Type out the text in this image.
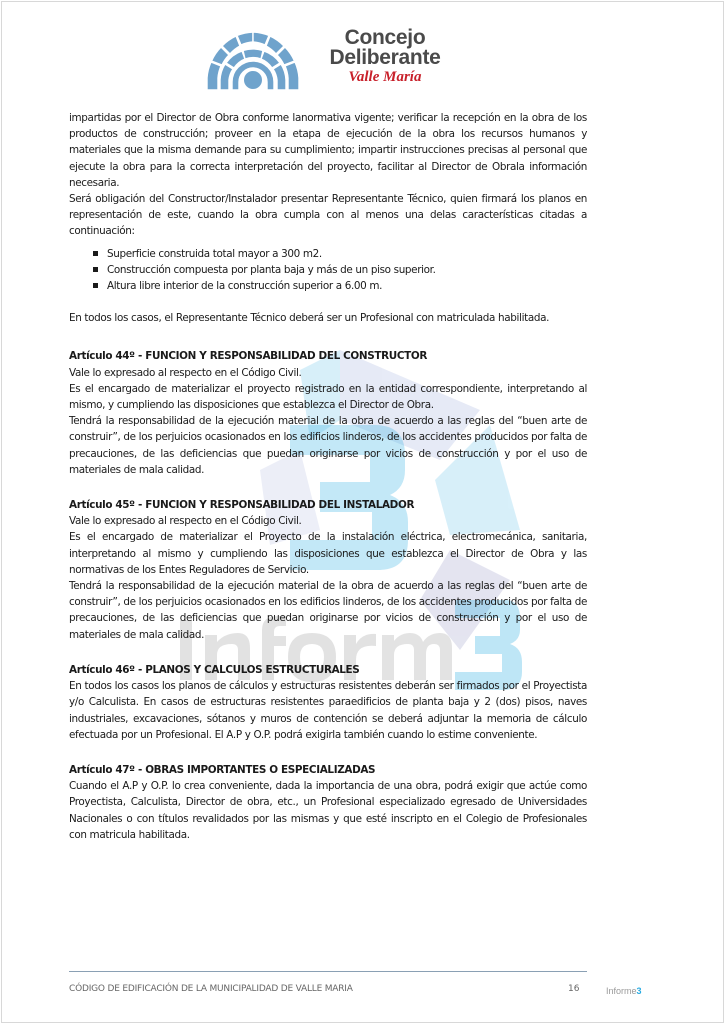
Concejo
Deliberante
Valle María

impartidas por el Director de Obra conforme lanormativa vigente; verificar la recepción en la obra de los productos de construcción; proveer en la etapa de ejecución de la obra los recursos humanos y materiales que la misma demande para su cumplimiento; impartir instrucciones precisas al personal que ejecute la obra para la correcta interpretación del proyecto, facilitar al Director de Obrala información necesaria.

Será obligación del Constructor/Instalador presentar Representante Técnico, quien firmará los planos en representación de este, cuando la obra cumpla con al menos una delas características citadas a continuación:

Superficie construida total mayor a 300 m2.
Construcción compuesta por planta baja y más de un piso superior.
Altura libre interior de la construcción superior a 6.00 m.

En todos los casos, el Representante Técnico deberá ser un Profesional con matriculada habilitada.

Artículo 44º - FUNCION Y RESPONSABILIDAD DEL CONSTRUCTOR

Vale lo expresado al respecto en el Código Civil.

Es el encargado de materializar el proyecto registrado en la entidad correspondiente, interpretando al mismo, y cumpliendo las disposiciones que establezca el Director de Obra.

Tendrá la responsabilidad de la ejecución material de la obra de acuerdo a las reglas del “buen arte de construir”, de los perjuicios ocasionados en los edificios linderos, de los accidentes producidos por falta de precauciones, de las deficiencias que puedan originarse por vicios de construcción y por el uso de materiales de mala calidad.

Artículo 45º - FUNCION Y RESPONSABILIDAD DEL INSTALADOR

Vale lo expresado al respecto en el Código Civil.

Es el encargado de materializar el Proyecto de la instalación eléctrica, electromecánica, sanitaria, interpretando al mismo y cumpliendo las disposiciones que establezca el Director de Obra y las normativas de los Entes Reguladores de Servicio.

Tendrá la responsabilidad de la ejecución material de la obra de acuerdo a las reglas del “buen arte de construir”, de los perjuicios ocasionados en los edificios linderos, de los accidentes producidos por falta de precauciones, de las deficiencias que puedan originarse por vicios de construcción y por el uso de materiales de mala calidad.

Artículo 46º - PLANOS Y CALCULOS ESTRUCTURALES

En todos los casos los planos de cálculos y estructuras resistentes deberán ser firmados por el Proyectista y/o Calculista. En casos de estructuras resistentes paraedificios de planta baja y 2 (dos) pisos, naves industriales, excavaciones, sótanos y muros de contención se deberá adjuntar la memoria de cálculo efectuada por un Profesional. El A.P y O.P. podrá exigirla también cuando lo estime conveniente.

Artículo 47º - OBRAS IMPORTANTES O ESPECIALIZADAS

Cuando el A.P y O.P. lo crea conveniente, dada la importancia de una obra, podrá exigir que actúe como Proyectista, Calculista, Director de obra, etc., un Profesional especializado egresado de Universidades Nacionales o con títulos revalidados por las mismas y que esté inscripto en el Colegio de Profesionales con matricula habilitada.

CÓDIGO DE EDIFICACIÓN DE LA MUNICIPALIDAD DE VALLE MARIA	16	Informe3
